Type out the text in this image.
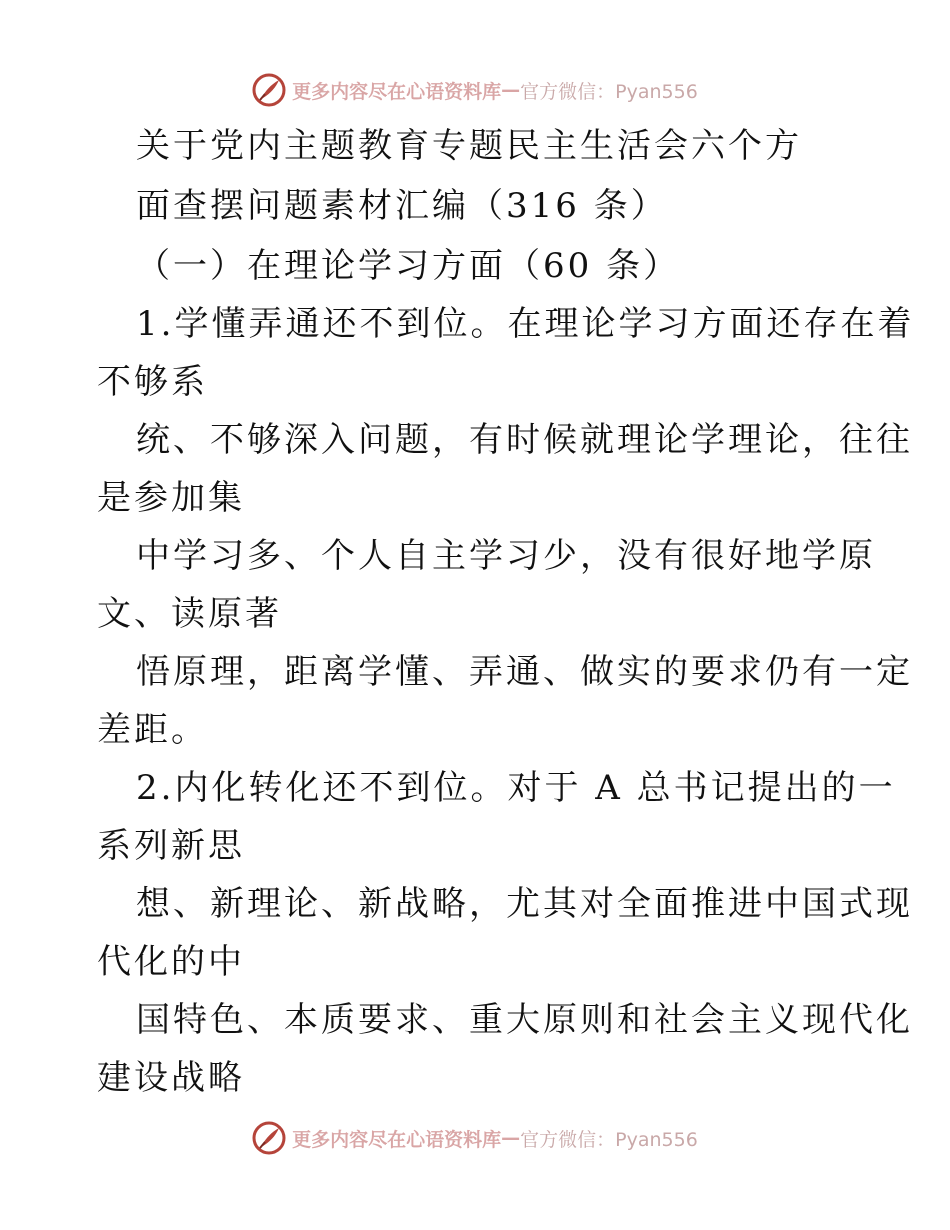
更多内容尽在心语资料库 — 官方微信：Pyan556
关于党内主题教育专题民主生活会六个方
面查摆问题素材汇编（316 条）
（一）在理论学习方面（60 条）
1.学懂弄通还不到位。在理论学习方面还存在着
不够系
统、不够深入问题，有时候就理论学理论，往往
是参加集
中学习多、个人自主学习少，没有很好地学原
文、读原著
悟原理，距离学懂、弄通、做实的要求仍有一定
差距。
2.内化转化还不到位。对于 A 总书记提出的一
系列新思
想、新理论、新战略，尤其对全面推进中国式现
代化的中
国特色、本质要求、重大原则和社会主义现代化
建设战略
更多内容尽在心语资料库 — 官方微信：Pyan556
